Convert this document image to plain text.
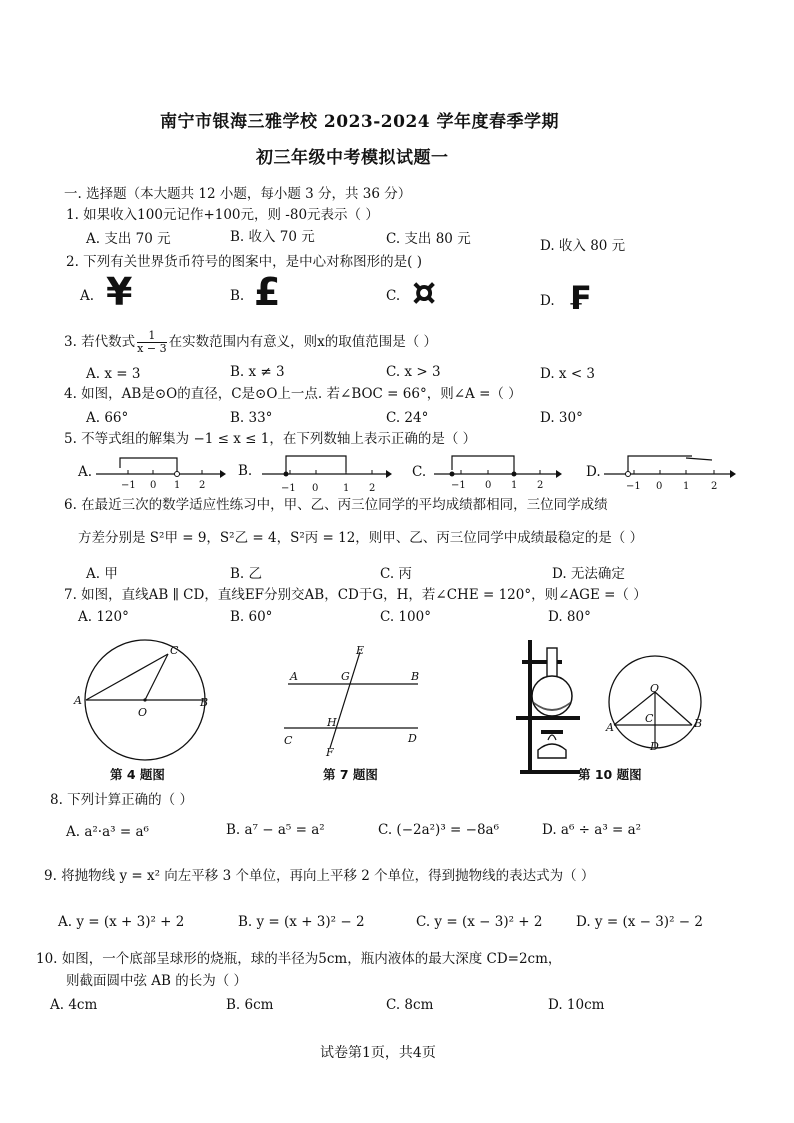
南宁市银海三雅学校 2023-2024 学年度春季学期
初三年级中考模拟试题一
一. 选择题（本大题共 12 小题，每小题 3 分，共 36 分）
1. 如果收入100元记作+100元，则 -80元表示（ ）
A. 支出 70 元	B. 收入 70 元	C. 支出 80 元	D. 收入 80 元
2. 下列有关世界货币符号的图案中，是中心对称图形的是( )
A. ¥	B. £	C. ¤	D. ₣
3. 若代数式 $\frac{1}{x - 3}$ 在实数范围内有意义，则x的取值范围是（ ）
A. x = 3	B. x ≠ 3	C. x > 3	D. x < 3
4. 如图，AB是⊙O的直径，C是⊙O上一点. 若∠BOC = 66°，则∠A =（ ）
A. 66°	B. 33°	C. 24°	D. 30°
5. 不等式组的解集为 −1 ≤ x ≤ 1，在下列数轴上表示正确的是（ ）
A.	B.	C.	D.
−1 0 1 2	−1 0 1 2	−1 0 1 2	−1 0 1 2
6. 在最近三次的数学适应性练习中，甲、乙、丙三位同学的平均成绩都相同，三位同学成绩
方差分别是 S²甲 = 9，S²乙 = 4，S²丙 = 12，则甲、乙、丙三位同学中成绩最稳定的是（ ）
A. 甲	B. 乙	C. 丙	D. 无法确定
7. 如图，直线AB ∥ CD，直线EF分别交AB，CD于G，H，若∠CHE = 120°，则∠AGE =（ ）
A. 120°	B. 60°	C. 100°	D. 80°
C
A
O
B
E
A	G	B
H
C	D
F
O
A
C	B
D
第 4 题图	第 7 题图	第 10 题图
8. 下列计算正确的（ ）
A. a²·a³ = a⁶	B. a⁷ − a⁵ = a²	C. (−2a²)³ = −8a⁶	D. a⁶ ÷ a³ = a²
9. 将抛物线 y = x² 向左平移 3 个单位，再向上平移 2 个单位，得到抛物线的表达式为（ ）
A. y = (x + 3)² + 2	B. y = (x + 3)² − 2	C. y = (x − 3)² + 2 D. y = (x − 3)² − 2
10. 如图，一个底部呈球形的烧瓶，球的半径为5cm，瓶内液体的最大深度 CD=2cm，
则截面圆中弦 AB 的长为（ ）
A. 4cm	B. 6cm	C. 8cm	D. 10cm
试卷第1页，共4页
